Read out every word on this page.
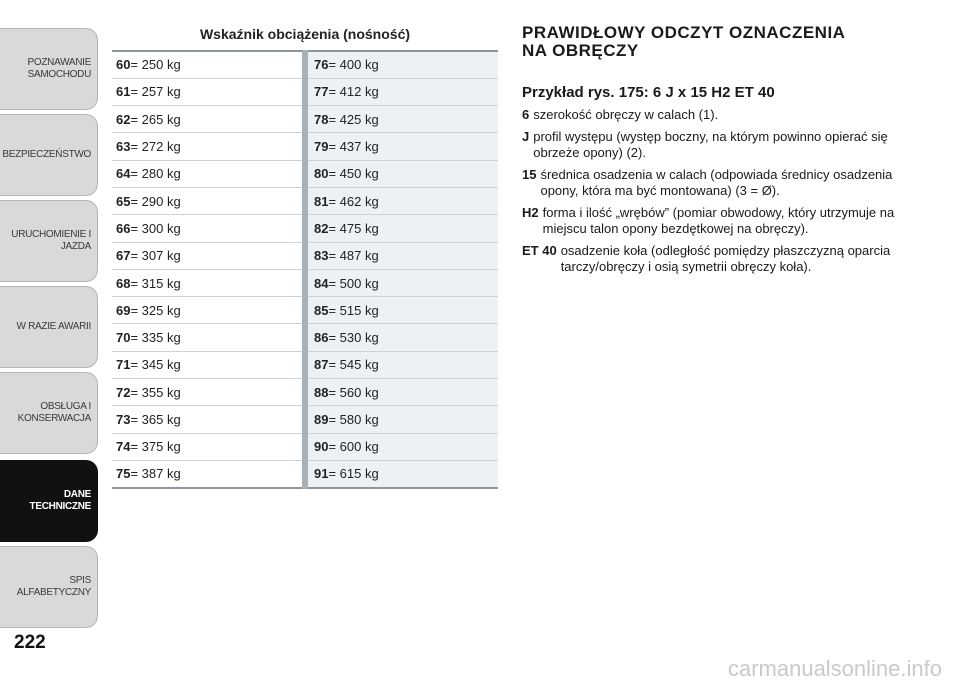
POZNAWANIE
SAMOCHODU
BEZPIECZEŃSTWO
URUCHOMIENIE I
JAZDA
W RAZIE AWARII
OBSŁUGA I
KONSERWACJA
DANE
TECHNICZNE
SPIS ALFABETYCZNY
222
Wskaźnik obciążenia (nośność)
60= 250 kg	76= 400 kg
61= 257 kg	77= 412 kg
62= 265 kg	78= 425 kg
63= 272 kg	79= 437 kg
64= 280 kg	80= 450 kg
65= 290 kg	81= 462 kg
66= 300 kg	82= 475 kg
67= 307 kg	83= 487 kg
68= 315 kg	84= 500 kg
69= 325 kg	85= 515 kg
70= 335 kg	86= 530 kg
71= 345 kg	87= 545 kg
72= 355 kg	88= 560 kg
73= 365 kg	89= 580 kg
74= 375 kg	90= 600 kg
75= 387 kg	91= 615 kg
PRAWIDŁOWY ODCZYT OZNACZENIA
NA OBRĘCZY
Przykład rys. 175: 6 J x 15 H2 ET 40
6 szerokość obręczy w calach (1).
J profil występu (występ boczny, na którym powinno opierać się obrzeże opony) (2).
15 średnica osadzenia w calach (odpowiada średnicy osadzenia opony, która ma być montowana) (3 = Ø).
H2 forma i ilość „wrębów” (pomiar obwodowy, który utrzymuje na miejscu talon opony bezdętkowej na obręczy).
ET 40 osadzenie koła (odległość pomiędzy płaszczyzną oparcia tarczy/obręczy i osią symetrii obręczy koła).
carmanualsonline.info
